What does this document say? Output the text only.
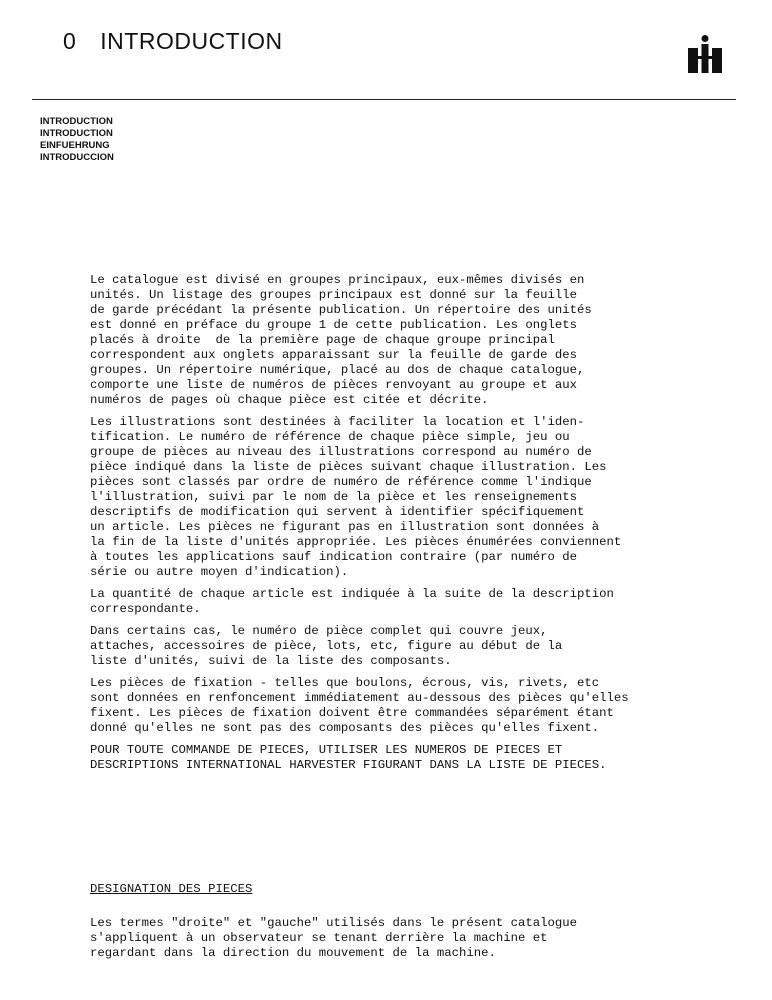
0 INTRODUCTION
INTRODUCTION
INTRODUCTION
EINFUEHRUNG
INTRODUCCION

Le catalogue est divisé en groupes principaux, eux-mêmes divisés en
unités. Un listage des groupes principaux est donné sur la feuille
de garde précédant la présente publication. Un répertoire des unités
est donné en préface du groupe 1 de cette publication. Les onglets
placés à droite  de la première page de chaque groupe principal
correspondent aux onglets apparaissant sur la feuille de garde des
groupes. Un répertoire numérique, placé au dos de chaque catalogue,
comporte une liste de numéros de pièces renvoyant au groupe et aux
numéros de pages où chaque pièce est citée et décrite.

Les illustrations sont destinées à faciliter la location et l'iden-
tification. Le numéro de référence de chaque pièce simple, jeu ou
groupe de pièces au niveau des illustrations correspond au numéro de
pièce indiqué dans la liste de pièces suivant chaque illustration. Les
pièces sont classés par ordre de numéro de référence comme l'indique
l'illustration, suivi par le nom de la pièce et les renseignements
descriptifs de modification qui servent à identifier spécifiquement
un article. Les pièces ne figurant pas en illustration sont données à
la fin de la liste d'unités appropriée. Les pièces énumérées conviennent
à toutes les applications sauf indication contraire (par numéro de
série ou autre moyen d'indication).

La quantité de chaque article est indiquée à la suite de la description
correspondante.

Dans certains cas, le numéro de pièce complet qui couvre jeux,
attaches, accessoires de pièce, lots, etc, figure au début de la
liste d'unités, suivi de la liste des composants.

Les pièces de fixation - telles que boulons, écrous, vis, rivets, etc
sont données en renfoncement immédiatement au-dessous des pièces qu'elles
fixent. Les pièces de fixation doivent être commandées séparément étant
donné qu'elles ne sont pas des composants des pièces qu'elles fixent.

POUR TOUTE COMMANDE DE PIECES, UTILISER LES NUMEROS DE PIECES ET
DESCRIPTIONS INTERNATIONAL HARVESTER FIGURANT DANS LA LISTE DE PIECES.

DESIGNATION DES PIECES
Les termes "droite" et "gauche" utilisés dans le présent catalogue
s'appliquent à un observateur se tenant derrière la machine et
regardant dans la direction du mouvement de la machine.
